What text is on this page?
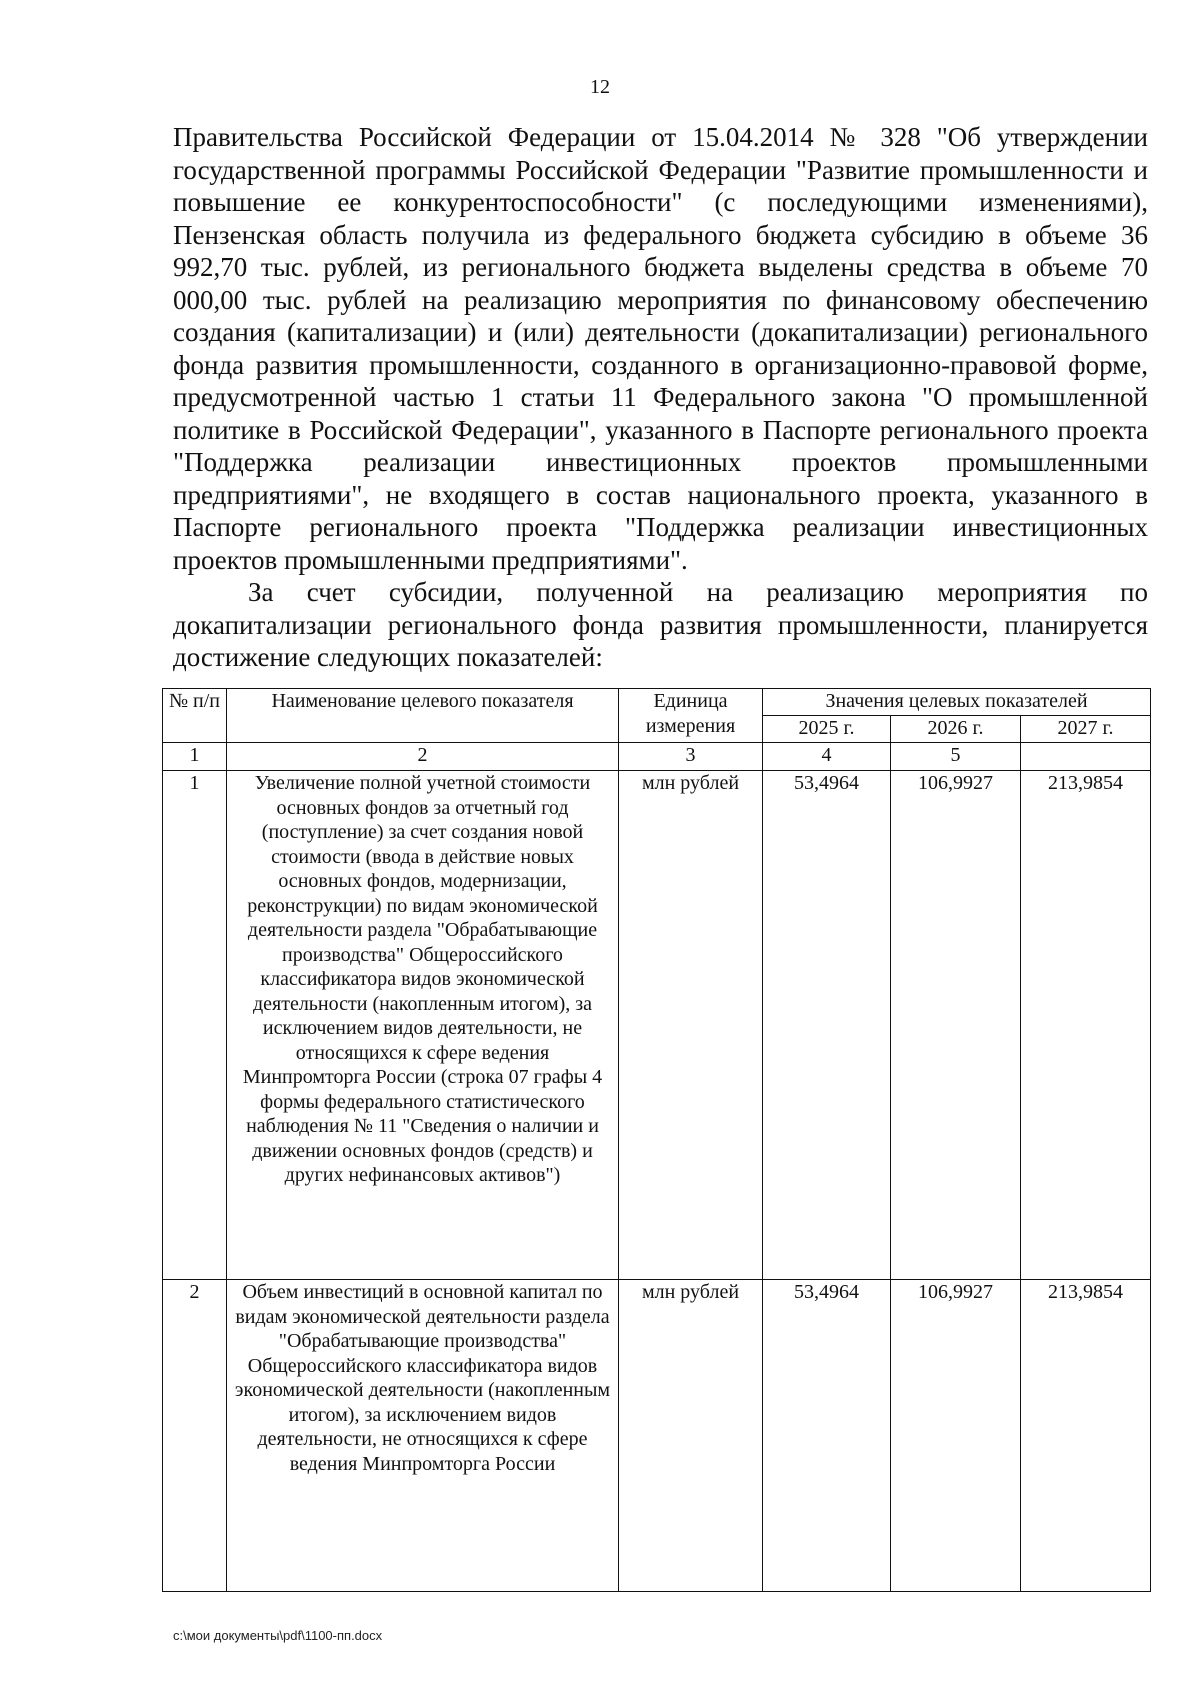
12

Правительства Российской Федерации от 15.04.2014 № 328 "Об утверждении государственной программы Российской Федерации "Развитие промышленности и повышение ее конкурентоспособности" (с последующими изменениями), Пензенская область получила из федерального бюджета субсидию в объеме 36 992,70 тыс. рублей, из регионального бюджета выделены средства в объеме 70 000,00 тыс. рублей на реализацию мероприятия по финансовому обеспечению создания (капитализации) и (или) деятельности (докапитализации) регионального фонда развития промышленности, созданного в организационно-правовой форме, предусмотренной частью 1 статьи 11 Федерального закона "О промышленной политике в Российской Федерации", указанного в Паспорте регионального проекта "Поддержка реализации инвестиционных проектов промышленными предприятиями", не входящего в состав национального проекта, указанного в Паспорте регионального проекта "Поддержка реализации инвестиционных проектов промышленными предприятиями".

За счет субсидии, полученной на реализацию мероприятия по докапитализации регионального фонда развития промышленности, планируется достижение следующих показателей:

№ п/п	Наименование целевого показателя	Единица измерения	Значения целевых показателей		
			2025 г.	2026 г.	2027 г.
1	2	3	4	5	
1	Увеличение полной учетной стоимости основных фондов за отчетный год (поступление) за счет создания новой стоимости (ввода в действие новых основных фондов, модернизации, реконструкции) по видам экономической деятельности раздела "Обрабатывающие производства" Общероссийского классификатора видов экономической деятельности (накопленным итогом), за исключением видов деятельности, не относящихся к сфере ведения Минпромторга России (строка 07 графы 4 формы федерального статистического наблюдения № 11 "Сведения о наличии и движении основных фондов (средств) и других нефинансовых активов")	млн рублей	53,4964	106,9927	213,9854
2	Объем инвестиций в основной капитал по видам экономической деятельности раздела "Обрабатывающие производства" Общероссийского классификатора видов экономической деятельности (накопленным итогом), за исключением видов деятельности, не относящихся к сфере ведения Минпромторга России	млн рублей	53,4964	106,9927	213,9854
c:\мои документы\pdf\1100-пп.docx
